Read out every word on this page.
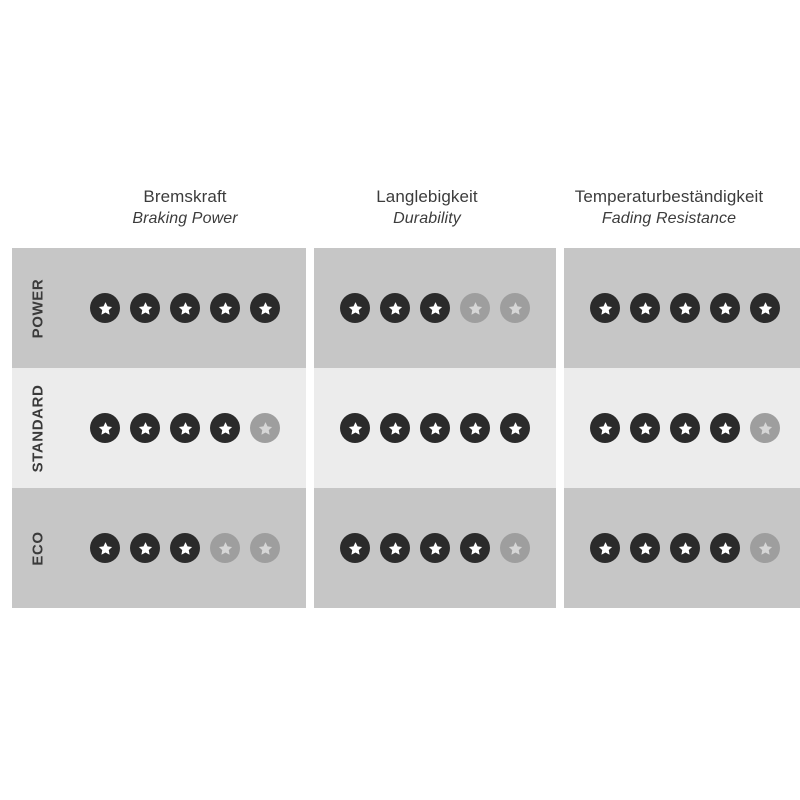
Bremskraft
Braking Power
Langlebigkeit
Durability
Temperaturbeständigkeit
Fading Resistance
POWER
STANDARD
ECO
